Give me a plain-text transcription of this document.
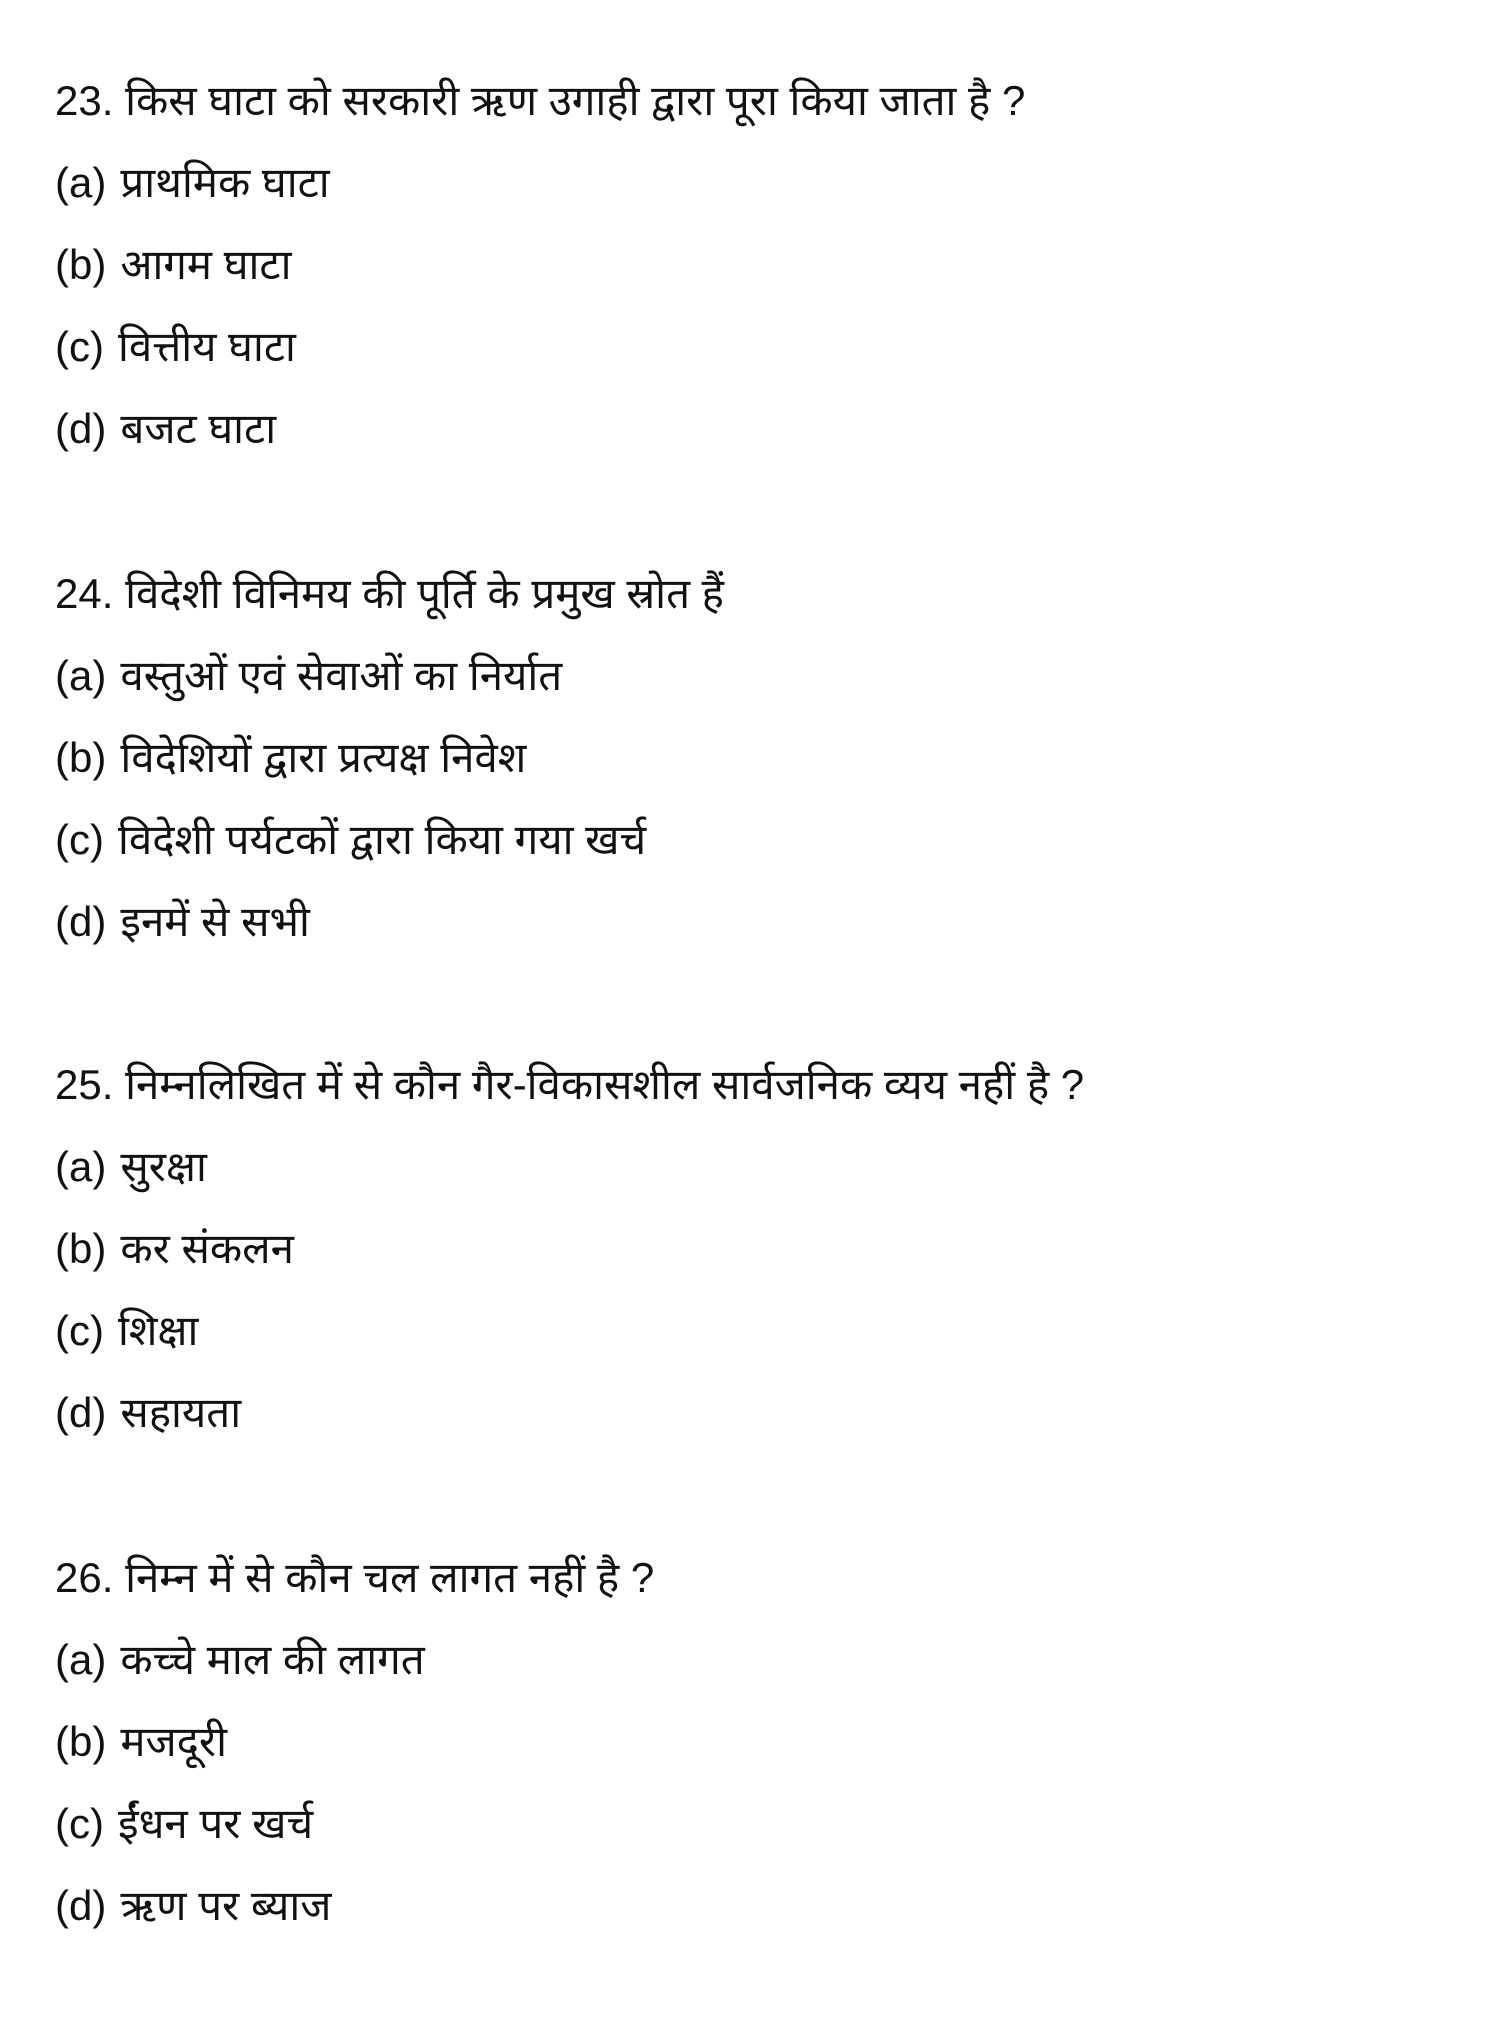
23. किस घाटा को सरकारी ऋण उगाही द्वारा पूरा किया जाता है ?
(a) प्राथमिक घाटा
(b) आगम घाटा
(c) वित्तीय घाटा
(d) बजट घाटा
24. विदेशी विनिमय की पूर्ति के प्रमुख स्रोत हैं
(a) वस्तुओं एवं सेवाओं का निर्यात
(b) विदेशियों द्वारा प्रत्यक्ष निवेश
(c) विदेशी पर्यटकों द्वारा किया गया खर्च
(d) इनमें से सभी
25. निम्नलिखित में से कौन गैर-विकासशील सार्वजनिक व्यय नहीं है ?
(a) सुरक्षा
(b) कर संकलन
(c) शिक्षा
(d) सहायता
26. निम्न में से कौन चल लागत नहीं है ?
(a) कच्चे माल की लागत
(b) मजदूरी
(c) ईंधन पर खर्च
(d) ऋण पर ब्याज
